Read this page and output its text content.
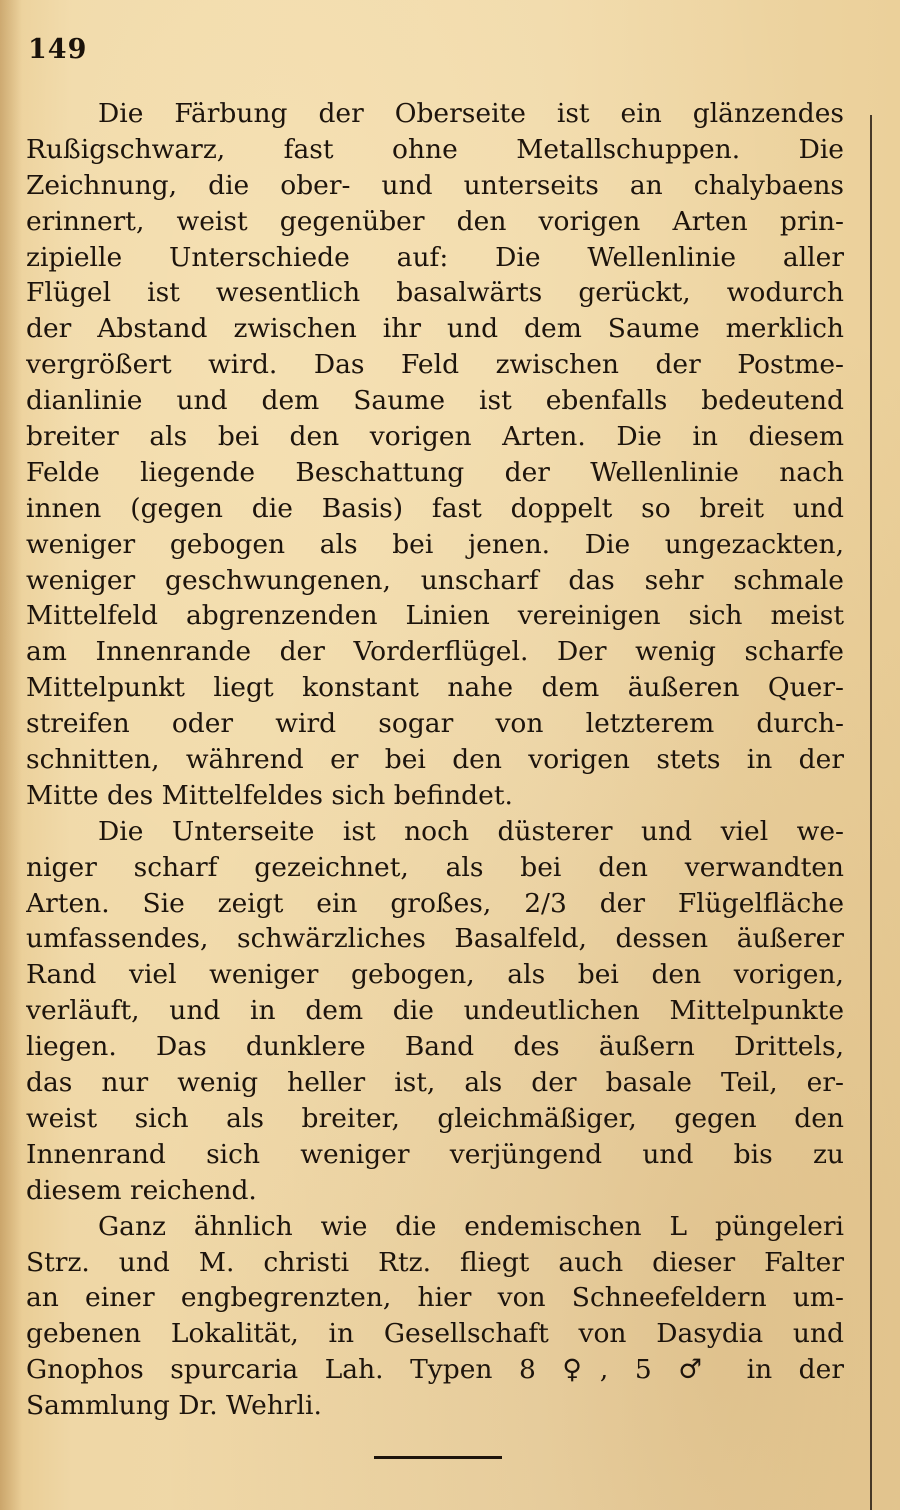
149
Die Färbung der Oberseite ist ein glänzendes
Rußigschwarz, fast ohne Metallschuppen. Die
Zeichnung, die ober- und unterseits an chalybaens
erinnert, weist gegenüber den vorigen Arten prin-
zipielle Unterschiede auf: Die Wellenlinie aller
Flügel ist wesentlich basalwärts gerückt, wodurch
der Abstand zwischen ihr und dem Saume merklich
vergrößert wird. Das Feld zwischen der Postme-
dianlinie und dem Saume ist ebenfalls bedeutend
breiter als bei den vorigen Arten. Die in diesem
Felde liegende Beschattung der Wellenlinie nach
innen (gegen die Basis) fast doppelt so breit und
weniger gebogen als bei jenen. Die ungezackten,
weniger geschwungenen, unscharf das sehr schmale
Mittelfeld abgrenzenden Linien vereinigen sich meist
am Innenrande der Vorderflügel. Der wenig scharfe
Mittelpunkt liegt konstant nahe dem äußeren Quer-
streifen oder wird sogar von letzterem durch-
schnitten, während er bei den vorigen stets in der
Mitte des Mittelfeldes sich befindet.
Die Unterseite ist noch düsterer und viel we-
niger scharf gezeichnet, als bei den verwandten
Arten. Sie zeigt ein großes, 2/3 der Flügelfläche
umfassendes, schwärzliches Basalfeld, dessen äußerer
Rand viel weniger gebogen, als bei den vorigen,
verläuft, und in dem die undeutlichen Mittelpunkte
liegen. Das dunklere Band des äußern Drittels,
das nur wenig heller ist, als der basale Teil, er-
weist sich als breiter, gleichmäßiger, gegen den
Innenrand sich weniger verjüngend und bis zu
diesem reichend.
Ganz ähnlich wie die endemischen L püngeleri
Strz. und M. christi Rtz. fliegt auch dieser Falter
an einer engbegrenzten, hier von Schneefeldern um-
gebenen Lokalität, in Gesellschaft von Dasydia und
Gnophos spurcaria Lah. Typen 8 ♀, 5 ♂ in der
Sammlung Dr. Wehrli.
